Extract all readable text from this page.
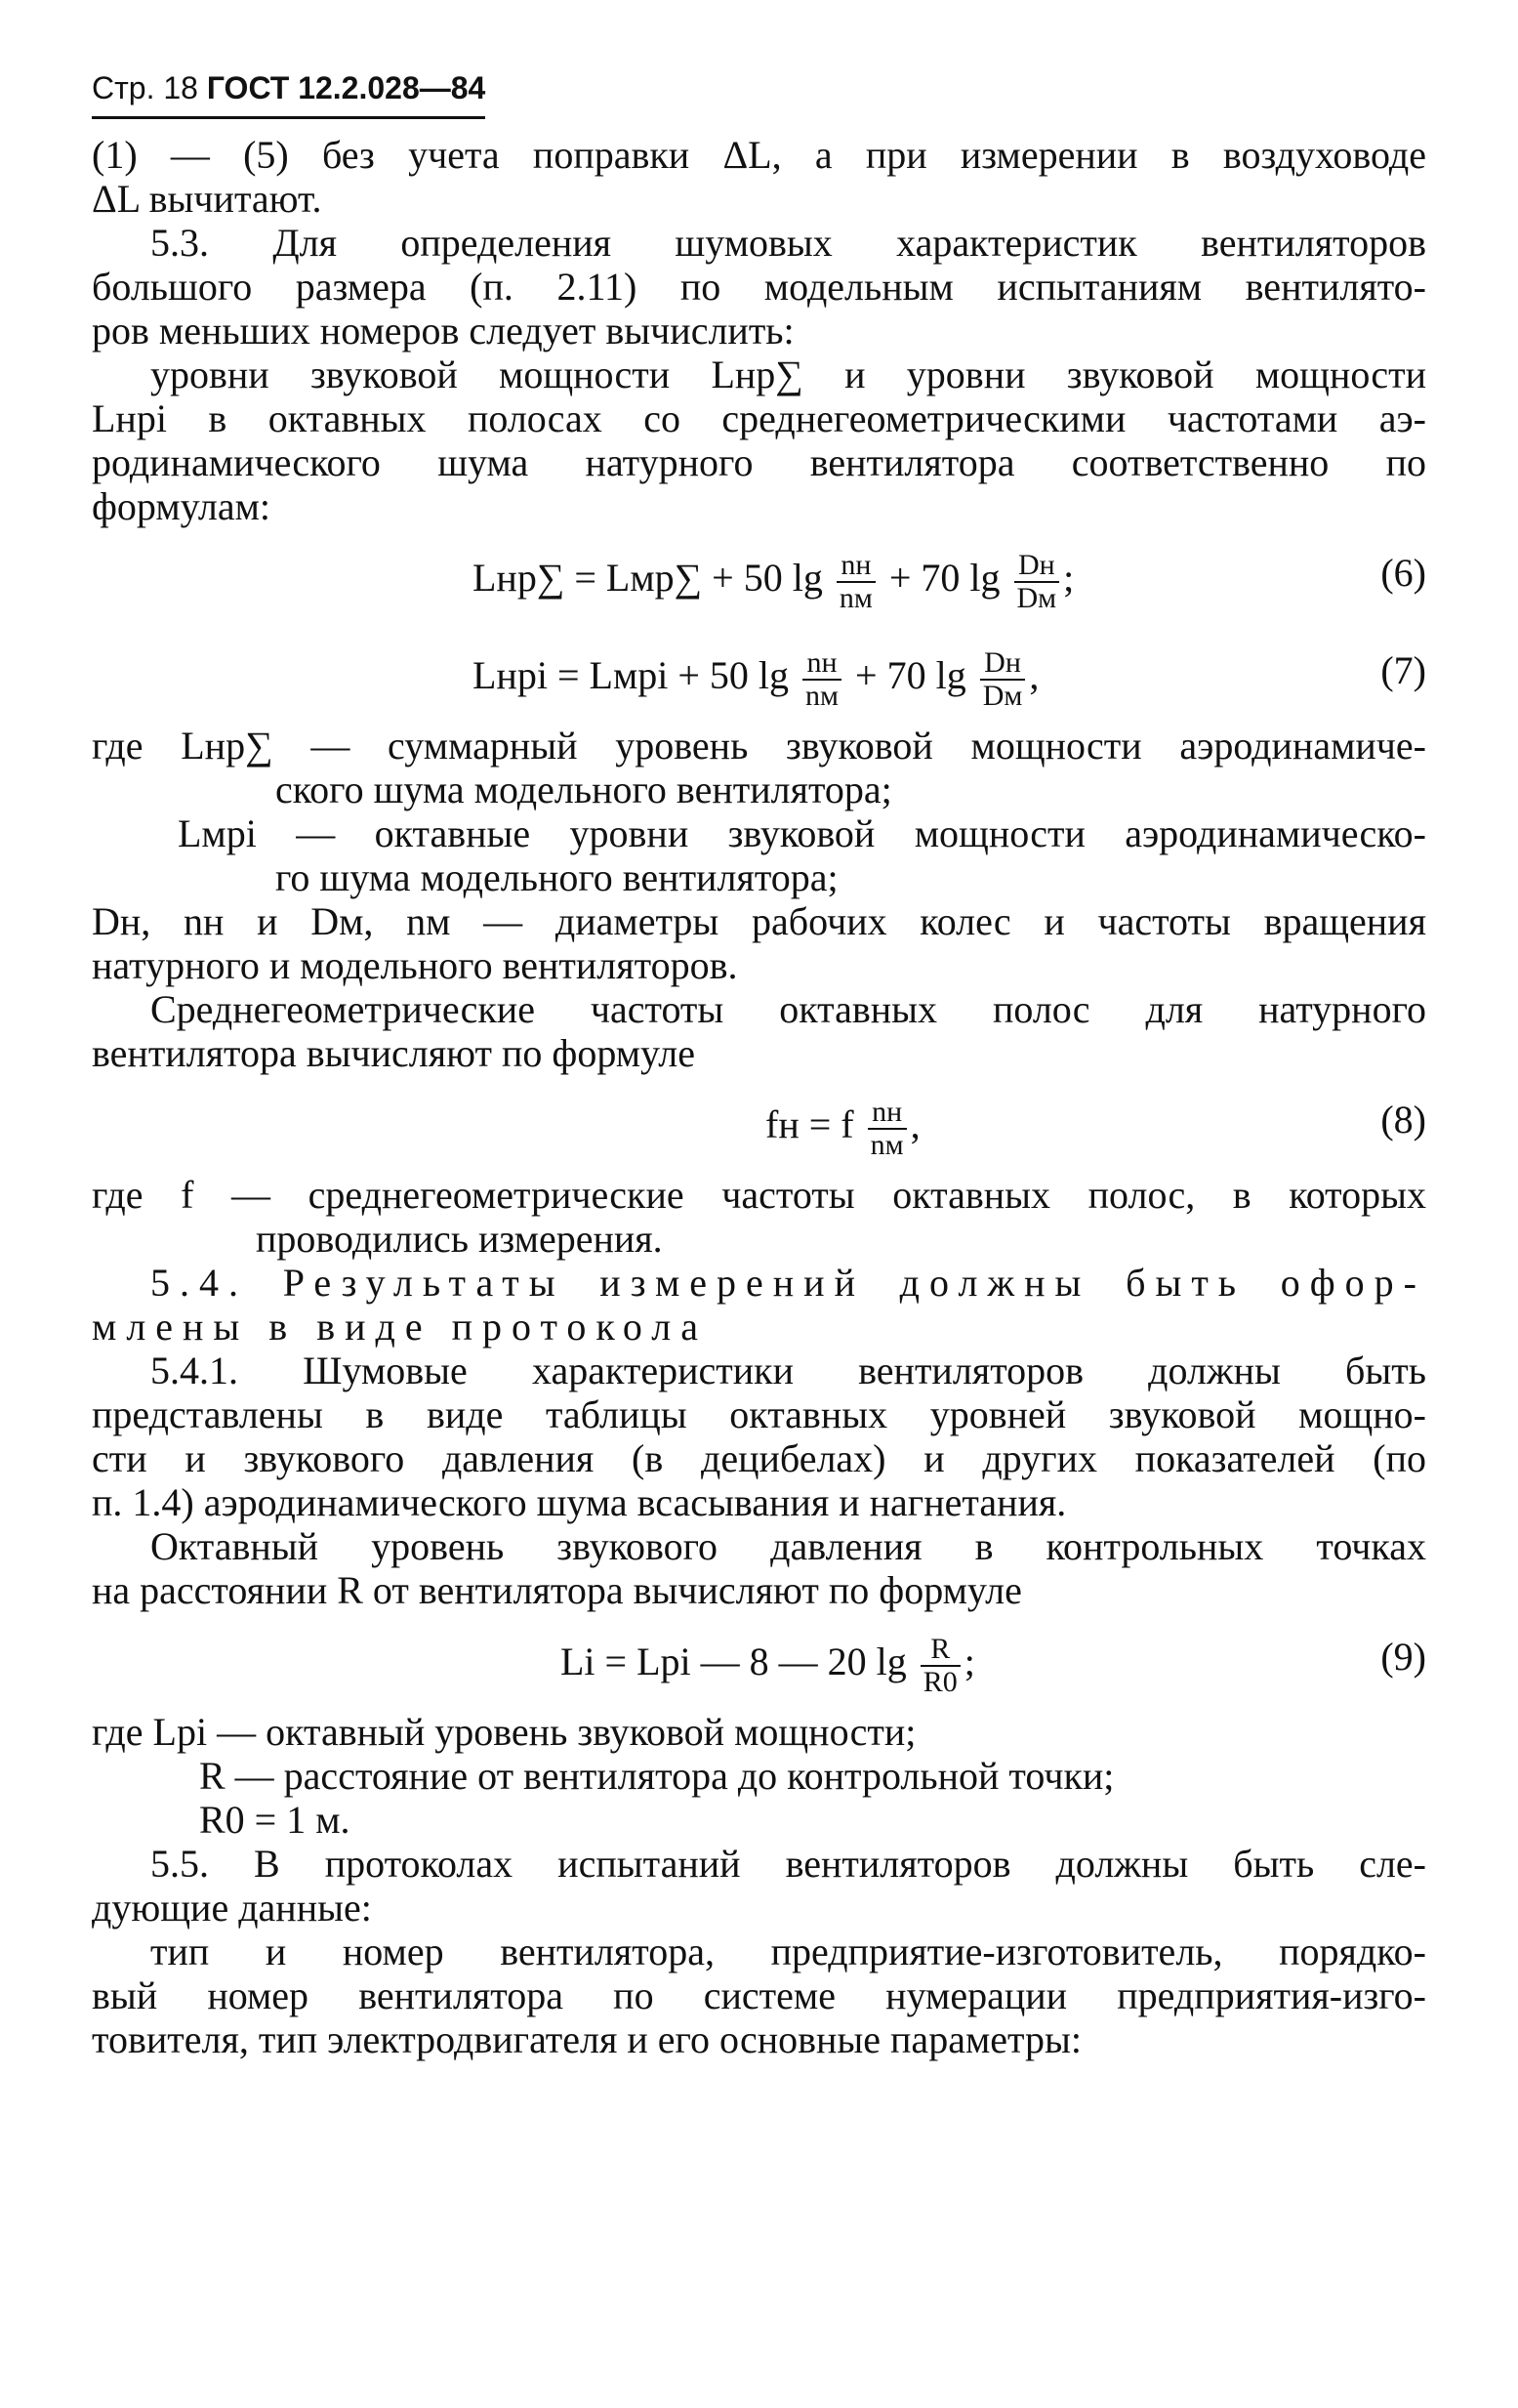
Стр. 18 ГОСТ 12.2.028—84

(1) — (5) без учета поправки ΔL, а при измерении в воздуховоде

ΔL вычитают.

5.3. Для определения шумовых характеристик вентиляторов

большого размера (п. 2.11) по модельным испытаниям вентилято-

ров меньших номеров следует вычислить:

уровни звуковой мощности Lнр∑ и уровни звуковой мощности

Lнpi в октавных полосах со среднегеометрическими частотами аэ-

родинамического шума натурного вентилятора соответственно по

формулам:

Lнр∑ = Lмр∑ + 50 $\lg \frac{nн}{nм} + 70$ $\lg \frac{Dн}{Dм}$ ;	(6)
Lнpi = Lмpi + 50 $\lg \frac{nн}{nм} + 70$ $\lg \frac{Dн}{Dм}$ ,	(7)

где Lнр∑ — суммарный уровень звуковой мощности аэродинамиче-

ского шума модельного вентилятора;

Lмpi — октавные уровни звуковой мощности аэродинамическо-

го шума модельного вентилятора;

Dн, nн и Dм, nм — диаметры рабочих колес и частоты вращения

натурного и модельного вентиляторов.

Среднегеометрические частоты октавных полос для натурного

вентилятора вычисляют по формуле

fн = f $\frac{nн}{nм}$ ,	(8)

где f — среднегеометрические частоты октавных полос, в которых

проводились измерения.

5.4. Результаты измерений должны быть офор-

млены в виде протокола

5.4.1. Шумовые характеристики вентиляторов должны быть

представлены в виде таблицы октавных уровней звуковой мощно-

сти и звукового давления (в децибелах) и других показателей (по

п. 1.4) аэродинамического шума всасывания и нагнетания.

Октавный уровень звукового давления в контрольных точках

на расстоянии R от вентилятора вычисляют по формуле

Li = Lpi — 8 — 20 $\lg \frac{R}{R0}$ ;	(9)

где Lpi — октавный уровень звуковой мощности;

R — расстояние от вентилятора до контрольной точки;

R0 = 1 м.

5.5. В протоколах испытаний вентиляторов должны быть сле-

дующие данные:

тип и номер вентилятора, предприятие-изготовитель, порядко-

вый номер вентилятора по системе нумерации предприятия-изго-

товителя, тип электродвигателя и его основные параметры:
